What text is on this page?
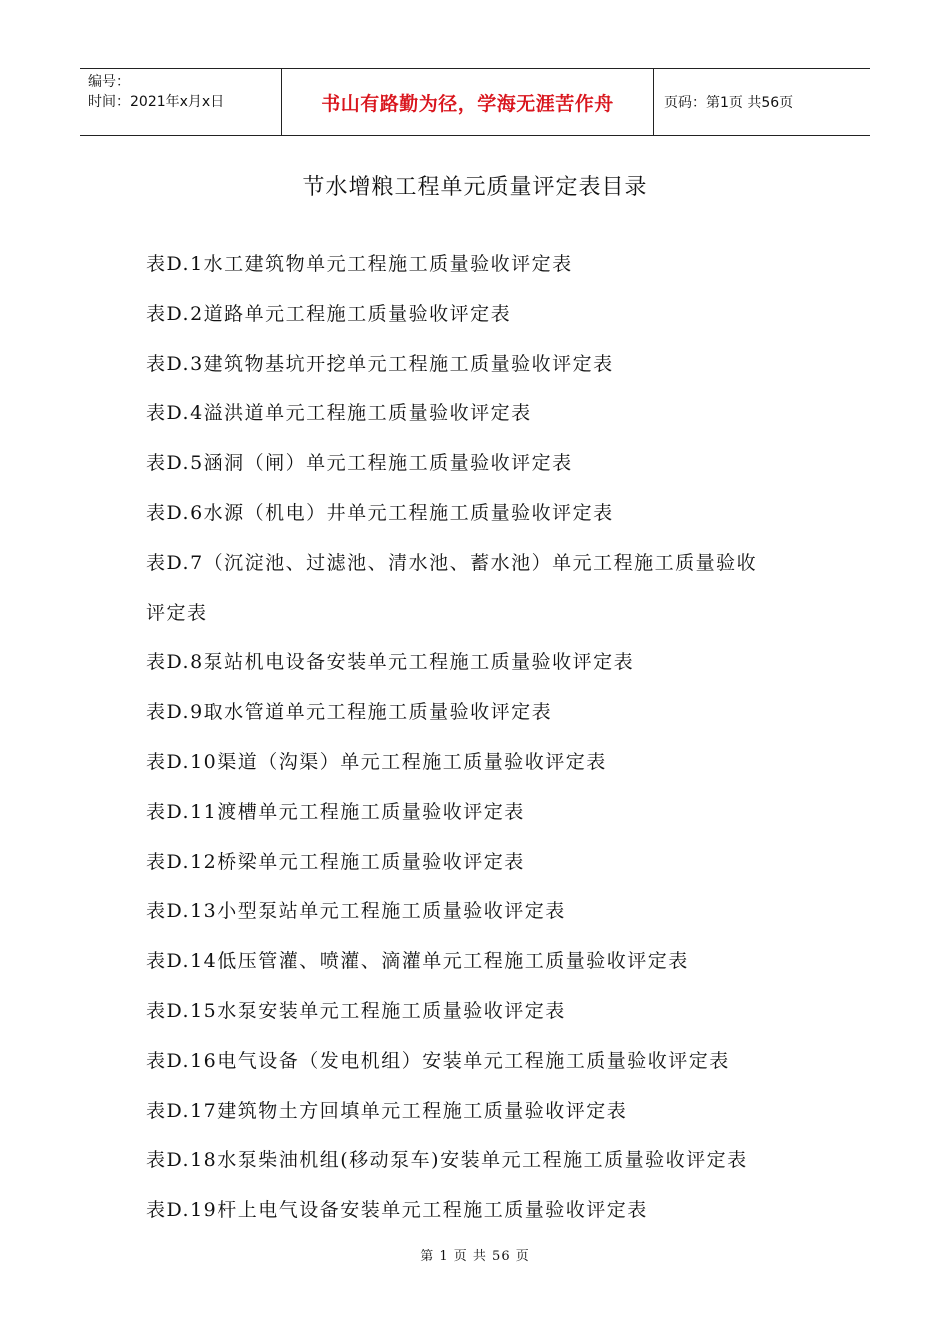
编号：
时间：2021年x月x日	书山有路勤为径，学海无涯苦作舟	页码：第1页 共56页
节水增粮工程单元质量评定表目录
表D.1水工建筑物单元工程施工质量验收评定表
表D.2道路单元工程施工质量验收评定表
表D.3建筑物基坑开挖单元工程施工质量验收评定表
表D.4溢洪道单元工程施工质量验收评定表
表D.5涵洞（闸）单元工程施工质量验收评定表
表D.6水源（机电）井单元工程施工质量验收评定表
表D.7（沉淀池、过滤池、清水池、蓄水池）单元工程施工质量验收
评定表
表D.8泵站机电设备安装单元工程施工质量验收评定表
表D.9取水管道单元工程施工质量验收评定表
表D.10渠道（沟渠）单元工程施工质量验收评定表
表D.11渡槽单元工程施工质量验收评定表
表D.12桥梁单元工程施工质量验收评定表
表D.13小型泵站单元工程施工质量验收评定表
表D.14低压管灌、喷灌、滴灌单元工程施工质量验收评定表
表D.15水泵安装单元工程施工质量验收评定表
表D.16电气设备（发电机组）安装单元工程施工质量验收评定表
表D.17建筑物土方回填单元工程施工质量验收评定表
表D.18水泵柴油机组(移动泵车)安装单元工程施工质量验收评定表
表D.19杆上电气设备安装单元工程施工质量验收评定表
第 1 页 共 56 页
